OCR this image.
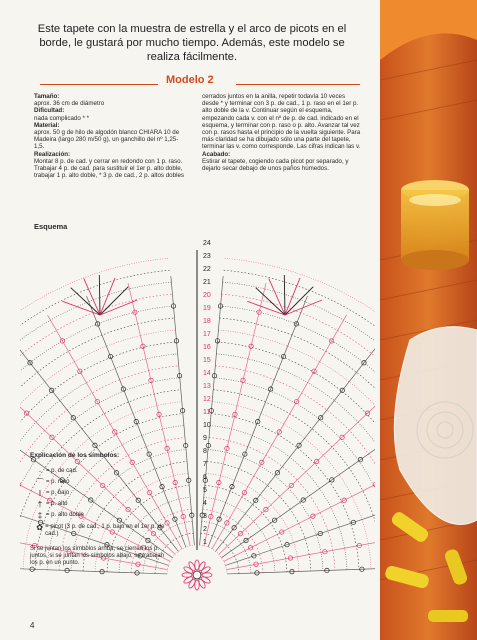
Este tapete con la muestra de estrella y el arco de picots en el borde, le gustará por mucho tiempo. Además, este modelo se realiza fácilmente.
Modelo 2

Tamaño:
aprox. 36 cm de diámetro

Dificultad:
nada complicado * *

Material:
aprox. 50 g de hilo de algodón blanco CHIARA 10 de Madeira (largo 280 m/50 g), un ganchillo del nº 1,25-1,5.

Realización:
Montar 8 p. de cad. y cerrar en redondo con 1 p. raso. Trabajar 4 p. de cad. para sustituir el 1er p. alto doble, trabajar 1 p. alto doble, * 3 p. de cad., 2 p. altos dobles

cerrados juntos en la anilla, repetir todavía 10 veces desde * y terminar con 3 p. de cad., 1 p. raso en el 1er p. alto doble de la v. Continuar según el esquema, empezando cada v. con el nº de p. de cad. indicado en el esquema, y terminar con p. raso o p. alto. Avanzar tal vez con p. rasos hasta el principio de la vuelta siguiente. Para más claridad se ha dibujado sólo una parte del tapete, terminar las v. como corresponde. Las cifras indican las v.

Acabado:
Estirar el tapete, cogiendo cada picot por separado, y dejarlo secar debajo de unos paños húmedos.

Esquema
24
23
22
21
20
19
18
17
16
15
14
13
12
11
10
9
8
7
6
5
4
3
2
1
Explicación de los símbolos:
· = p. de cad.
⌒ = p. raso
I = p. bajo
† = p. alto
‡ = p. alto doble
✿ = picot (3 p. de cad., 1 p. bajo en el 1er p. de cad.)
Si se juntan los símbolos arriba, se cierran los p. juntos, si se juntan los símbolos abajo, se trabajan los p. en un punto.
4
